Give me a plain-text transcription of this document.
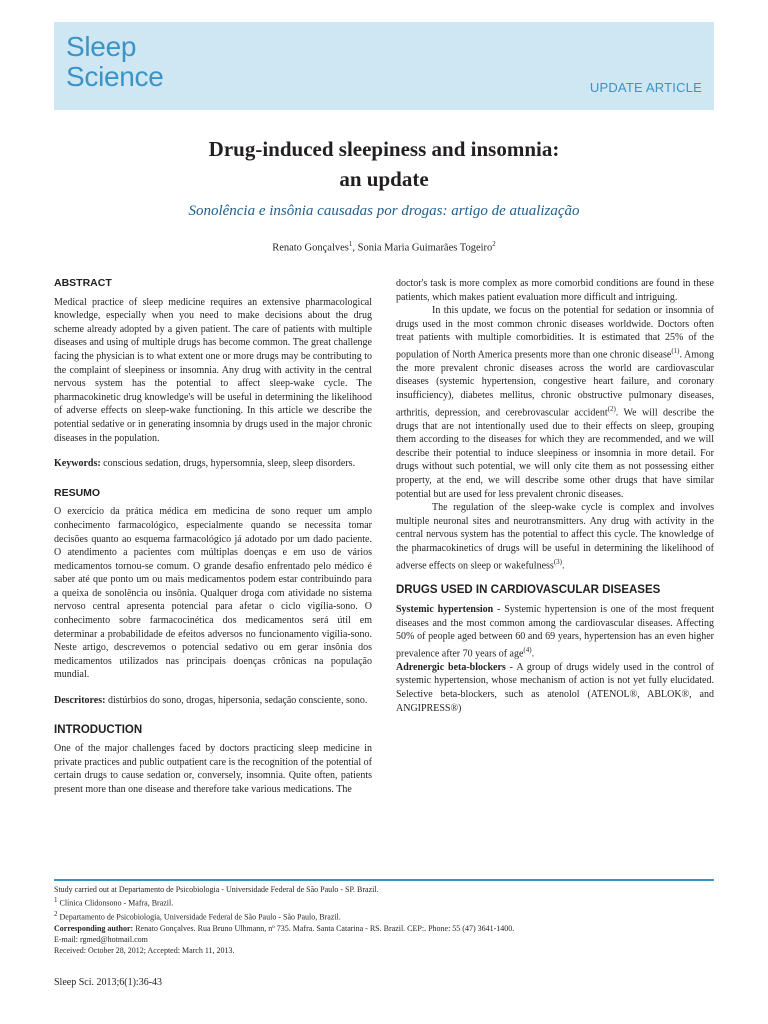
Sleep
Science	UPDATE ARTICLE
Drug-induced sleepiness and insomnia:
an update
Sonolência e insônia causadas por drogas: artigo de atualização
Renato Gonçalves$^1$, Sonia Maria Guimarães Togeiro$^2$
ABSTRACT

Medical practice of sleep medicine requires an extensive pharmacological knowledge, especially when you need to make decisions about the drug scheme already adopted by a given patient. The care of patients with multiple diseases and using of multiple drugs has become common. The great challenge facing the physician is to what extent one or more drugs may be contributing to the complaint of sleepiness or insomnia. Any drug with activity in the central nervous system has the potential to affect sleep-wake cycle. The pharmacokinetic drug knowledge's will be useful in determining the likelihood of adverse effects on sleep-wake functioning. In this article we describe the potential sedative or in generating insomnia by drugs used in the major chronic diseases in the population.

Keywords: conscious sedation, drugs, hypersomnia, sleep, sleep disorders.

RESUMO

O exercício da prática médica em medicina de sono requer um amplo conhecimento farmacológico, especialmente quando se necessita tomar decisões quanto ao esquema farmacológico já adotado por um dado paciente. O atendimento a pacientes com múltiplas doenças e em uso de vários medicamentos tornou-se comum. O grande desafio enfrentado pelo médico é saber até que ponto um ou mais medicamentos podem estar contribuindo para a queixa de sonolência ou insônia. Qualquer droga com atividade no sistema nervoso central apresenta potencial para afetar o ciclo vigília-sono. O conhecimento sobre farmacocinética dos medicamentos será útil em determinar a probabilidade de efeitos adversos no funcionamento vigília-sono. Neste artigo, descrevemos o potencial sedativo ou em gerar insônia dos medicamentos utilizados nas principais doenças crônicas na população mundial.

Descritores: distúrbios do sono, drogas, hipersonia, sedação consciente, sono.

INTRODUCTION

One of the major challenges faced by doctors practicing sleep medicine in private practices and public outpatient care is the recognition of the potential of certain drugs to cause sedation or, conversely, insomnia. Quite often, patients present more than one disease and therefore take various medications. The

doctor's task is more complex as more comorbid conditions are found in these patients, which makes patient evaluation more difficult and intriguing.

In this update, we focus on the potential for sedation or insomnia of drugs used in the most common chronic diseases worldwide. Doctors often treat patients with multiple comorbidities. It is estimated that 25% of the population of North America presents more than one chronic disease$^{(1)}$. Among the more prevalent chronic diseases across the world are cardiovascular diseases (systemic hypertension, congestive heart failure, and coronary insufficiency), diabetes mellitus, chronic obstructive pulmonary diseases, arthritis, depression, and cerebrovascular accident$^{(2)}$. We will describe the drugs that are not intentionally used due to their effects on sleep, grouping them according to the diseases for which they are recommended, and we will describe their potential to induce sleepiness or insomnia in more detail. For drugs without such potential, we will only cite them as not possessing either property, at the end, we will describe some other drugs that have similar potential but are used for less prevalent chronic diseases.

The regulation of the sleep-wake cycle is complex and involves multiple neuronal sites and neurotransmitters. Any drug with activity in the central nervous system has the potential to affect this cycle. The knowledge of the pharmacokinetics of drugs will be useful in determining the likelihood of adverse effects on sleep or wakefulness$^{(3)}$.

DRUGS USED IN CARDIOVASCULAR DISEASES

Systemic hypertension - Systemic hypertension is one of the most frequent diseases and the most common among the cardiovascular diseases. Affecting 50% of people aged between 60 and 69 years, hypertension has an even higher prevalence after 70 years of age$^{(4)}$.

Adrenergic beta-blockers - A group of drugs widely used in the control of systemic hypertension, whose mechanism of action is not yet fully elucidated. Selective beta-blockers, such as atenolol (ATENOL®, ABLOK®, and ANGIPRESS®)

Study carried out at Departamento de Psicobiologia - Universidade Federal de São Paulo - SP. Brazil.
$^1$ Clínica Clidonsono - Mafra, Brazil.
$^2$ Departamento de Psicobiologia, Universidade Federal de São Paulo - São Paulo, Brazil.
Corresponding author: Renato Gonçalves. Rua Bruno Ulhmann, nº 735. Mafra. Santa Catarina - RS. Brazil. CEP:. Phone: 55 (47) 3641-1400.
E-mail: rgmed@hotmail.com
Received: October 28, 2012; Accepted: March 11, 2013.
Sleep Sci. 2013;6(1):36-43
